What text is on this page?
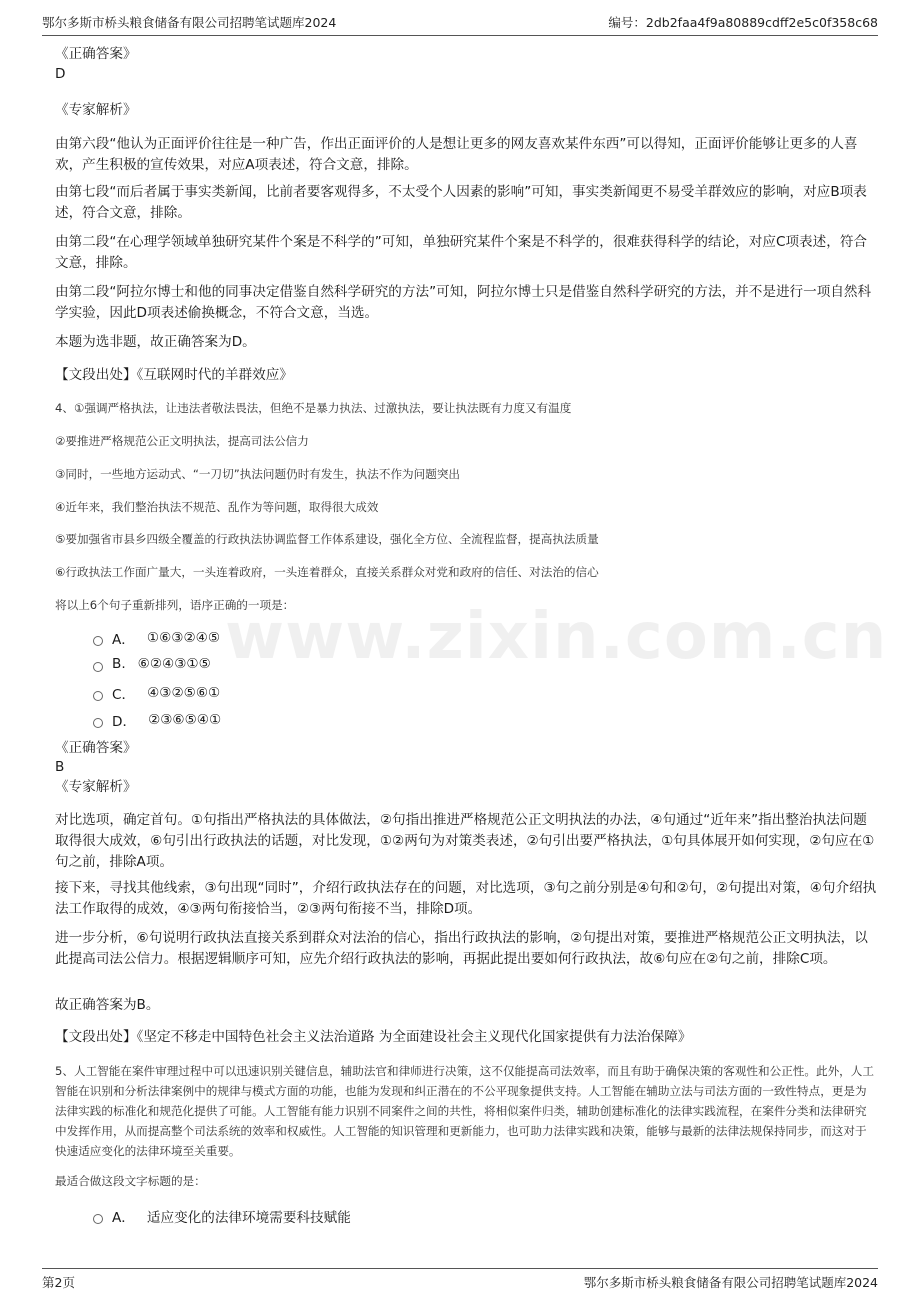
鄂尔多斯市桥头粮食储备有限公司招聘笔试题库2024	编号：2db2faa4f9a80889cdff2e5c0f358c68
www.zixin.com.cn
《正确答案》
D
《专家解析》
由第六段“他认为正面评价往往是一种广告，作出正面评价的人是想让更多的网友喜欢某件东西”可以得知，正面评价能够让更多的人喜欢，产生积极的宣传效果，对应A项表述，符合文意，排除。
由第七段“而后者属于事实类新闻，比前者要客观得多，不太受个人因素的影响”可知，事实类新闻更不易受羊群效应的影响，对应B项表述，符合文意，排除。
由第二段“在心理学领域单独研究某件个案是不科学的”可知，单独研究某件个案是不科学的，很难获得科学的结论，对应C项表述，符合文意，排除。
由第二段“阿拉尔博士和他的同事决定借鉴自然科学研究的方法”可知，阿拉尔博士只是借鉴自然科学研究的方法，并不是进行一项自然科学实验，因此D项表述偷换概念，不符合文意，当选。
本题为选非题，故正确答案为D。
【文段出处】《互联网时代的羊群效应》
4、①强调严格执法，让违法者敬法畏法，但绝不是暴力执法、过激执法，要让执法既有力度又有温度
②要推进严格规范公正文明执法，提高司法公信力
③同时，一些地方运动式、“一刀切”执法问题仍时有发生，执法不作为问题突出
④近年来，我们整治执法不规范、乱作为等问题，取得很大成效
⑤要加强省市县乡四级全覆盖的行政执法协调监督工作体系建设，强化全方位、全流程监督，提高执法质量
⑥行政执法工作面广量大，一头连着政府，一头连着群众，直接关系群众对党和政府的信任、对法治的信心
将以上6个句子重新排列，语序正确的一项是：
A． ①⑥③②④⑤
B. ⑥②④③①⑤
C． ④③②⑤⑥①
D． ②③⑥⑤④①
《正确答案》
B
《专家解析》
对比选项，确定首句。①句指出严格执法的具体做法，②句指出推进严格规范公正文明执法的办法，④句通过“近年来”指出整治执法问题取得很大成效，⑥句引出行政执法的话题，对比发现，①②两句为对策类表述，②句引出要严格执法，①句具体展开如何实现，②句应在①句之前，排除A项。
接下来，寻找其他线索，③句出现“同时”，介绍行政执法存在的问题，对比选项，③句之前分别是④句和②句，②句提出对策，④句介绍执法工作取得的成效，④③两句衔接恰当，②③两句衔接不当，排除D项。
进一步分析，⑥句说明行政执法直接关系到群众对法治的信心，指出行政执法的影响，②句提出对策，要推进严格规范公正文明执法，以此提高司法公信力。根据逻辑顺序可知，应先介绍行政执法的影响，再据此提出要如何行政执法，故⑥句应在②句之前，排除C项。
故正确答案为B。
【文段出处】《坚定不移走中国特色社会主义法治道路 为全面建设社会主义现代化国家提供有力法治保障》
5、人工智能在案件审理过程中可以迅速识别关键信息，辅助法官和律师进行决策，这不仅能提高司法效率，而且有助于确保决策的客观性和公正性。此外，人工智能在识别和分析法律案例中的规律与模式方面的功能，也能为发现和纠正潜在的不公平现象提供支持。人工智能在辅助立法与司法方面的一致性特点，更是为法律实践的标准化和规范化提供了可能。人工智能有能力识别不同案件之间的共性，将相似案件归类，辅助创建标准化的法律实践流程，在案件分类和法律研究中发挥作用，从而提高整个司法系统的效率和权威性。人工智能的知识管理和更新能力，也可助力法律实践和决策，能够与最新的法律法规保持同步，而这对于快速适应变化的法律环境至关重要。
最适合做这段文字标题的是：
A． 适应变化的法律环境需要科技赋能
第2页	鄂尔多斯市桥头粮食储备有限公司招聘笔试题库2024
